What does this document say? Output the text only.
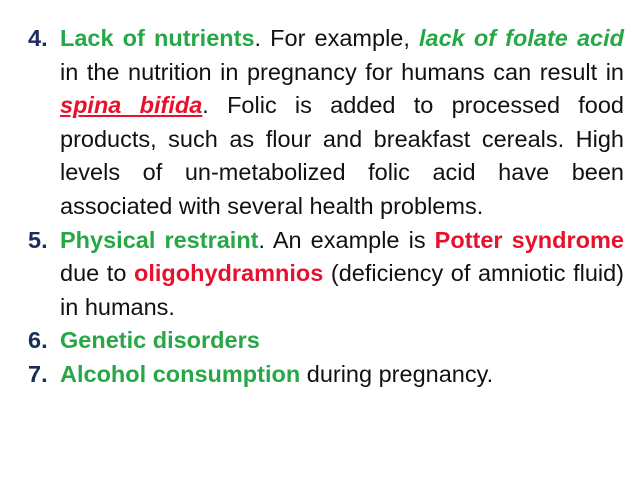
4. Lack of nutrients. For example, lack of folate acid in the nutrition in pregnancy for humans can result in spina bifida. Folic is added to processed food products, such as flour and breakfast cereals. High levels of un-metabolized folic acid have been associated with several health problems.
5. Physical restraint. An example is Potter syndrome due to oligohydramnios (deficiency of amniotic fluid) in humans.
6. Genetic disorders
7. Alcohol consumption during pregnancy.
